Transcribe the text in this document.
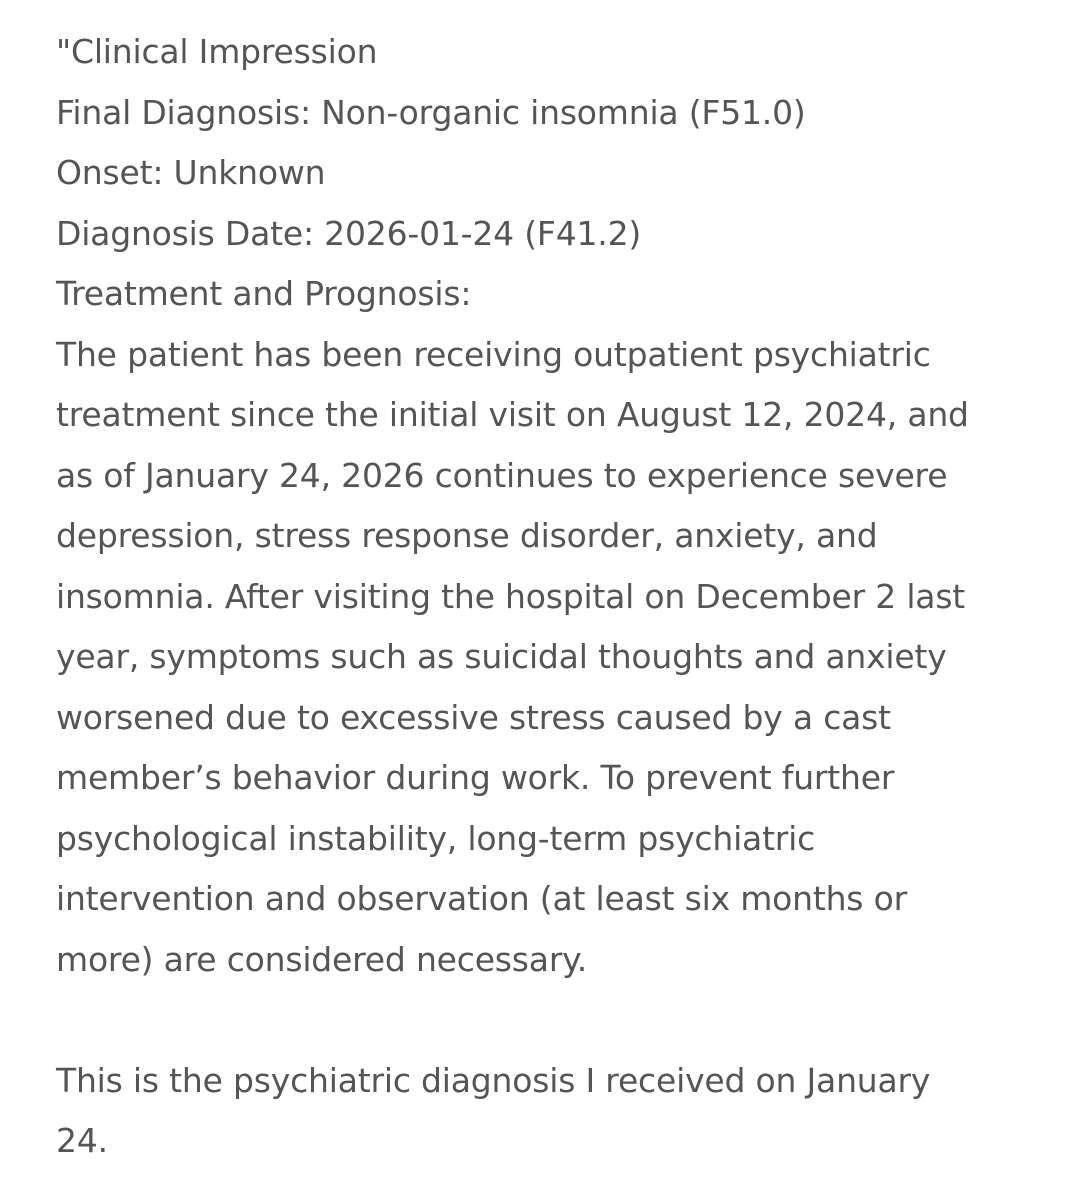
"Clinical Impression
Final Diagnosis: Non-organic insomnia (F51.0)
Onset: Unknown
Diagnosis Date: 2026-01-24 (F41.2)
Treatment and Prognosis:
The patient has been receiving outpatient psychiatric
treatment since the initial visit on August 12, 2024, and
as of January 24, 2026 continues to experience severe
depression, stress response disorder, anxiety, and
insomnia. After visiting the hospital on December 2 last
year, symptoms such as suicidal thoughts and anxiety
worsened due to excessive stress caused by a cast
member’s behavior during work. To prevent further
psychological instability, long-term psychiatric
intervention and observation (at least six months or
more) are considered necessary.
This is the psychiatric diagnosis I received on January
24.
